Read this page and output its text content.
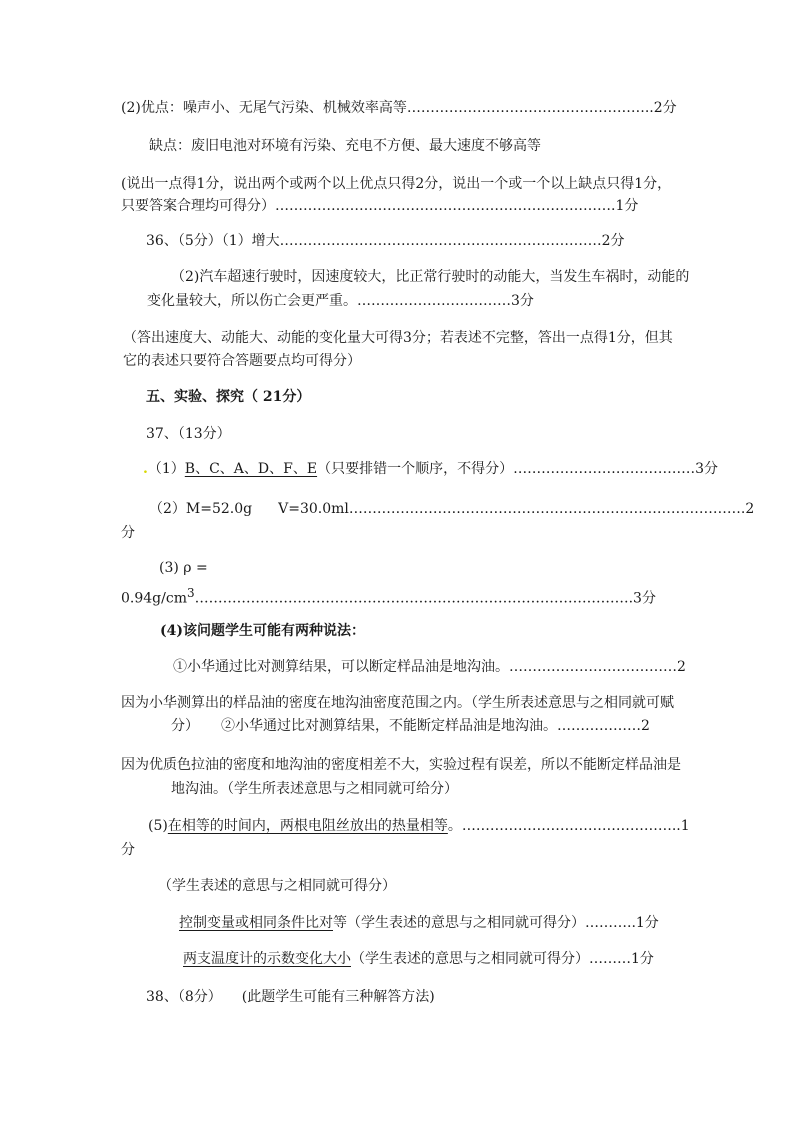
(2)优点：噪声小、无尾气污染、机械效率高等……………………………………………..2分
缺点：废旧电池对环境有污染、充电不方便、最大速度不够高等
(说出一点得1分，说出两个或两个以上优点只得2分，说出一个或一个以上缺点只得1分，
只要答案合理均可得分）……………………………………………………………….1分
36、（5分）（1）增大……………………………………………………………2分
（2)汽车超速行驶时，因速度较大，比正常行驶时的动能大，当发生车祸时，动能的
变化量较大，所以伤亡会更严重。……………………………3分
（答出速度大、动能大、动能的变化量大可得3分；若表述不完整，答出一点得1分，但其
它的表述只要符合答题要点均可得分）
五、实验、探究（ 21分）
37、（13分）
.（1）B、C、A、D、F、E（只要排错一个顺序，不得分）…………………………………3分
（2）M=52.0g V=30.0ml………………………………………………………………………….2
分
(3) ρ =
$0.94g/cm^3\dots\dots\dots\dots\dots\dots\dots\dots\dots\dots\dots\dots\dots\dots\dots\dots\dots\dots\dots\dots\dots\dots\dots\dots\dots\dots\dots\dots\dots\dots\dots.3$分
(4)该问题学生可能有两种说法：
①小华通过比对测算结果，可以断定样品油是地沟油。………………………………2
因为小华测算出的样品油的密度在地沟油密度范围之内。（学生所表述意思与之相同就可赋
分） ②小华通过比对测算结果，不能断定样品油是地沟油。………………2
因为优质色拉油的密度和地沟油的密度相差不大，实验过程有误差，所以不能断定样品油是
地沟油。（学生所表述意思与之相同就可给分）
(5)在相等的时间内，两根电阻丝放出的热量相等。………………………………………..1
分
（学生表述的意思与之相同就可得分）
控制变量或相同条件比对等（学生表述的意思与之相同就可得分）………..1分
两支温度计的示数变化大小（学生表述的意思与之相同就可得分）………1分
38、（8分） (此题学生可能有三种解答方法)
